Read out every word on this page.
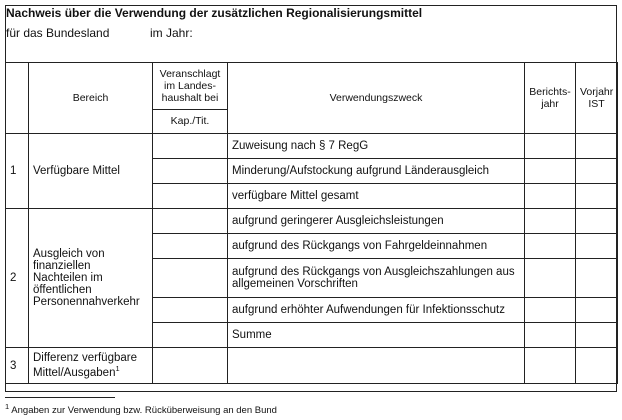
Nachweis über die Verwendung der zusätzlichen Regionalisierungsmittel
für das Bundesland	im Jahr:
	Bereich	Veranschlagt im Landes-haushalt bei	Verwendungszweck	Berichts-jahr	Vorjahr IST
		Kap./Tit.			
1	Verfügbare Mittel		Zuweisung nach § 7 RegG		
			Minderung/Aufstockung aufgrund Länderausgleich		
			verfügbare Mittel gesamt		
2	Ausgleich von finanziellen Nachteilen im öffentlichen Personennahverkehr		aufgrund geringerer Ausgleichsleistungen		
			aufgrund des Rückgangs von Fahrgeldeinnahmen		
			aufgrund des Rückgangs von Ausgleichszahlungen aus allgemeinen Vorschriften		
			aufgrund erhöhter Aufwendungen für Infektionsschutz		
			Summe		
3	Differenz verfügbare Mittel/Ausgaben$^1$				
$^1$ Angaben zur Verwendung bzw. Rücküberweisung an den Bund
